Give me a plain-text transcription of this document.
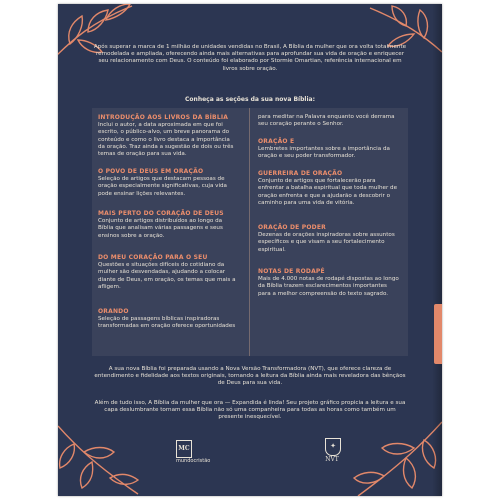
Após superar a marca de 1 milhão de unidades vendidas no Brasil, A Bíblia da mulher que ora volta totalmente remodelada e ampliada, oferecendo ainda mais alternativas para aprofundar sua vida de oração e enriquecer seu relacionamento com Deus. O conteúdo foi elaborado por Stormie Omartian, referência internacional em livros sobre oração.
Conheça as seções da sua nova Bíblia:
INTRODUÇÃO AOS LIVROS DA BÍBLIA
Inclui o autor, a data aproximada em que foi escrito, o público-alvo, um breve panorama do conteúdo e como o livro destaca a importância da oração. Traz ainda a sugestão de dois ou três temas de oração para sua vida.
O POVO DE DEUS EM ORAÇÃO
Seleção de artigos que destacam pessoas de oração especialmente significativas, cuja vida pode ensinar lições relevantes.
MAIS PERTO DO CORAÇÃO DE DEUS
Conjunto de artigos distribuídos ao longo da Bíblia que analisam várias passagens e seus ensinos sobre a oração.
DO MEU CORAÇÃO PARA O SEU
Questões e situações difíceis do cotidiano da mulher são desvendadas, ajudando a colocar diante de Deus, em oração, os temas que mais a afligem.
ORANDO
Seleção de passagens bíblicas inspiradoras transformadas em oração oferece oportunidades
para meditar na Palavra enquanto você derrama seu coração perante o Senhor.
ORAÇÃO E
Lembretes importantes sobre a importância da oração e seu poder transformador.
GUERREIRA DE ORAÇÃO
Conjunto de artigos que fortalecerão para enfrentar a batalha espiritual que toda mulher de oração enfrenta e que a ajudarão a descobrir o caminho para uma vida de vitória.
ORAÇÃO DE PODER
Dezenas de orações inspiradoras sobre assuntos específicos e que visam a seu fortalecimento espiritual.
NOTAS DE RODAPÉ
Mais de 4.000 notas de rodapé dispostas ao longo da Bíblia trazem esclarecimentos importantes para a melhor compreensão do texto sagrado.
A sua nova Bíblia foi preparada usando a Nova Versão Transformadora (NVT), que oferece clareza de entendimento e fidelidade aos textos originais, tornando a leitura da Bíblia ainda mais reveladora das bênçãos de Deus para sua vida.
Além de tudo isso, A Bíblia da mulher que ora — Expandida é linda! Seu projeto gráfico propicia a leitura e sua capa deslumbrante tornam essa Bíblia não só uma companheira para todas as horas como também um presente inesquecível.
MC
mundocristão
✦
NVT
